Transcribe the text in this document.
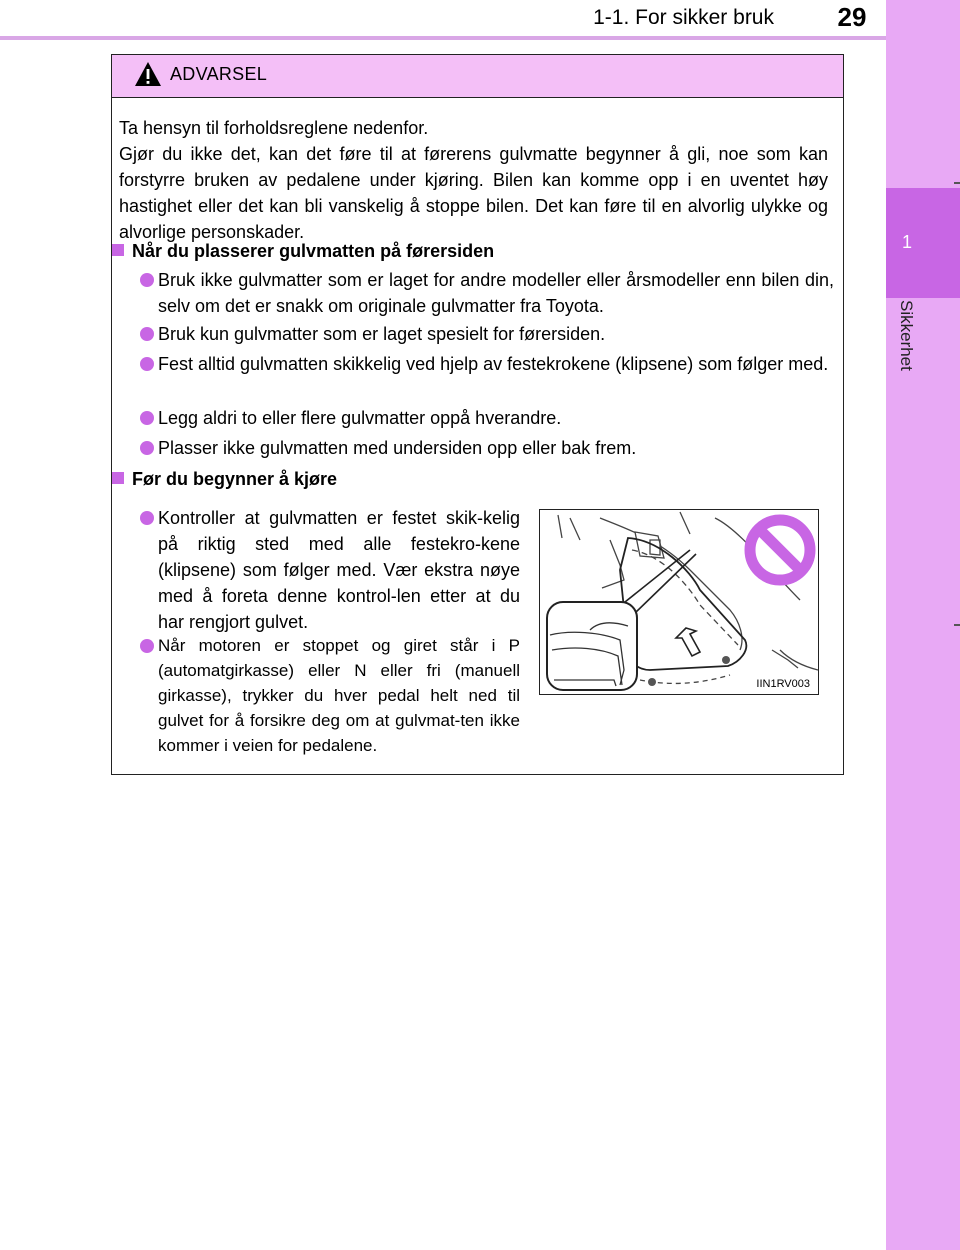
1-1. For sikker bruk	29
1
Sikkerhet
ADVARSEL
Ta hensyn til forholdsreglene nedenfor.
Gjør du ikke det, kan det føre til at førerens gulvmatte begynner å gli, noe som kan forstyrre bruken av pedalene under kjøring. Bilen kan komme opp i en uventet høy hastighet eller det kan bli vanskelig å stoppe bilen. Det kan føre til en alvorlig ulykke og alvorlige personskader.
Når du plasserer gulvmatten på førersiden
Bruk ikke gulvmatter som er laget for andre modeller eller årsmodeller enn bilen din, selv om det er snakk om originale gulvmatter fra Toyota.
Bruk kun gulvmatter som er laget spesielt for førersiden.
Fest alltid gulvmatten skikkelig ved hjelp av festekrokene (klipsene) som følger med.
Legg aldri to eller flere gulvmatter oppå hverandre.
Plasser ikke gulvmatten med undersiden opp eller bak frem.
Før du begynner å kjøre
Kontroller at gulvmatten er festet skik-kelig på riktig sted med alle festekro-kene (klipsene) som følger med. Vær ekstra nøye med å foreta denne kontrol-len etter at du har rengjort gulvet.
Når motoren er stoppet og giret står i P (automatgirkasse) eller N eller fri (manuell girkasse), trykker du hver pedal helt ned til gulvet for å forsikre deg om at gulvmat-ten ikke kommer i veien for pedalene.
IIN1RV003
